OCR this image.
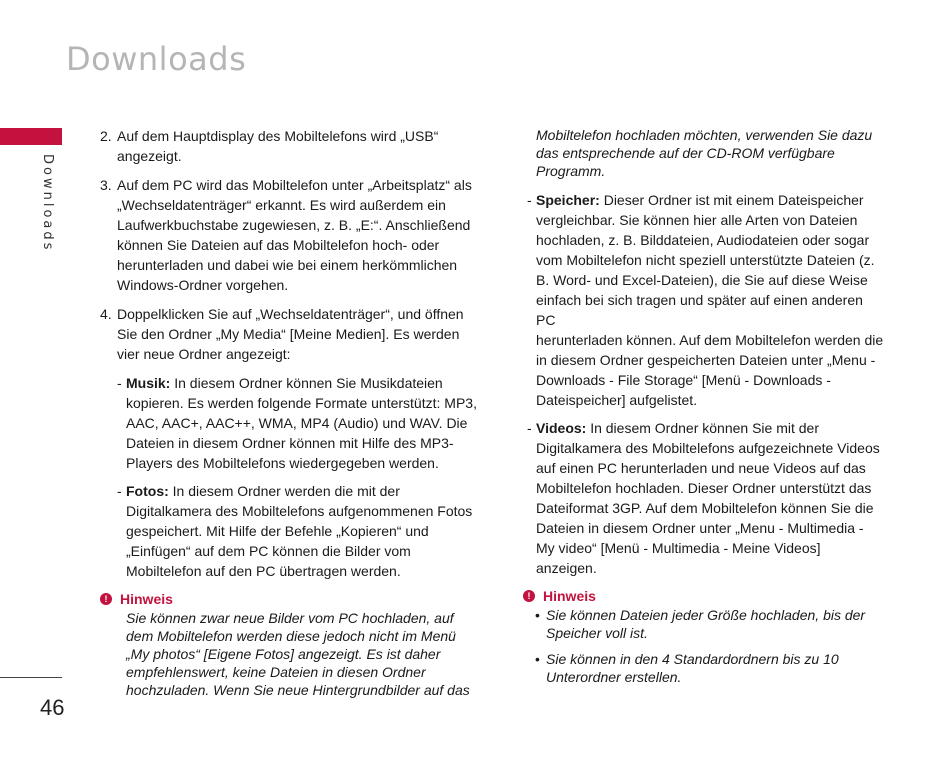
Downloads
Downloads
46
2. Auf dem Hauptdisplay des Mobiltelefons wird „USB“
angezeigt.
3. Auf dem PC wird das Mobiltelefon unter „Arbeitsplatz“ als
„Wechseldatenträger“ erkannt. Es wird außerdem ein
Laufwerkbuchstabe zugewiesen, z. B. „E:“. Anschließend
können Sie Dateien auf das Mobiltelefon hoch- oder
herunterladen und dabei wie bei einem herkömmlichen
Windows-Ordner vorgehen.
4. Doppelklicken Sie auf „Wechseldatenträger“, und öffnen
Sie den Ordner „My Media“ [Meine Medien]. Es werden
vier neue Ordner angezeigt:
- Musik: In diesem Ordner können Sie Musikdateien
kopieren. Es werden folgende Formate unterstützt: MP3,
AAC, AAC+, AAC++, WMA, MP4 (Audio) und WAV. Die
Dateien in diesem Ordner können mit Hilfe des MP3-
Players des Mobiltelefons wiedergegeben werden.
- Fotos: In diesem Ordner werden die mit der
Digitalkamera des Mobiltelefons aufgenommenen Fotos
gespeichert. Mit Hilfe der Befehle „Kopieren“ und
„Einfügen“ auf dem PC können die Bilder vom
Mobiltelefon auf den PC übertragen werden.
! Hinweis
Sie können zwar neue Bilder vom PC hochladen, auf
dem Mobiltelefon werden diese jedoch nicht im Menü
„My photos“ [Eigene Fotos] angezeigt. Es ist daher
empfehlenswert, keine Dateien in diesen Ordner
hochzuladen. Wenn Sie neue Hintergrundbilder auf das
Mobiltelefon hochladen möchten, verwenden Sie dazu
das entsprechende auf der CD-ROM verfügbare
Programm.
- Speicher: Dieser Ordner ist mit einem Dateispeicher
vergleichbar. Sie können hier alle Arten von Dateien
hochladen, z. B. Bilddateien, Audiodateien oder sogar
vom Mobiltelefon nicht speziell unterstützte Dateien (z.
B. Word- und Excel-Dateien), die Sie auf diese Weise
einfach bei sich tragen und später auf einen anderen PC
herunterladen können. Auf dem Mobiltelefon werden die
in diesem Ordner gespeicherten Dateien unter „Menu -
Downloads - File Storage“ [Menü - Downloads -
Dateispeicher] aufgelistet.
- Videos: In diesem Ordner können Sie mit der
Digitalkamera des Mobiltelefons aufgezeichnete Videos
auf einen PC herunterladen und neue Videos auf das
Mobiltelefon hochladen. Dieser Ordner unterstützt das
Dateiformat 3GP. Auf dem Mobiltelefon können Sie die
Dateien in diesem Ordner unter „Menu - Multimedia -
My video“ [Menü - Multimedia - Meine Videos]
anzeigen.
! Hinweis
• Sie können Dateien jeder Größe hochladen, bis der
Speicher voll ist.
• Sie können in den 4 Standardordnern bis zu 10
Unterordner erstellen.
